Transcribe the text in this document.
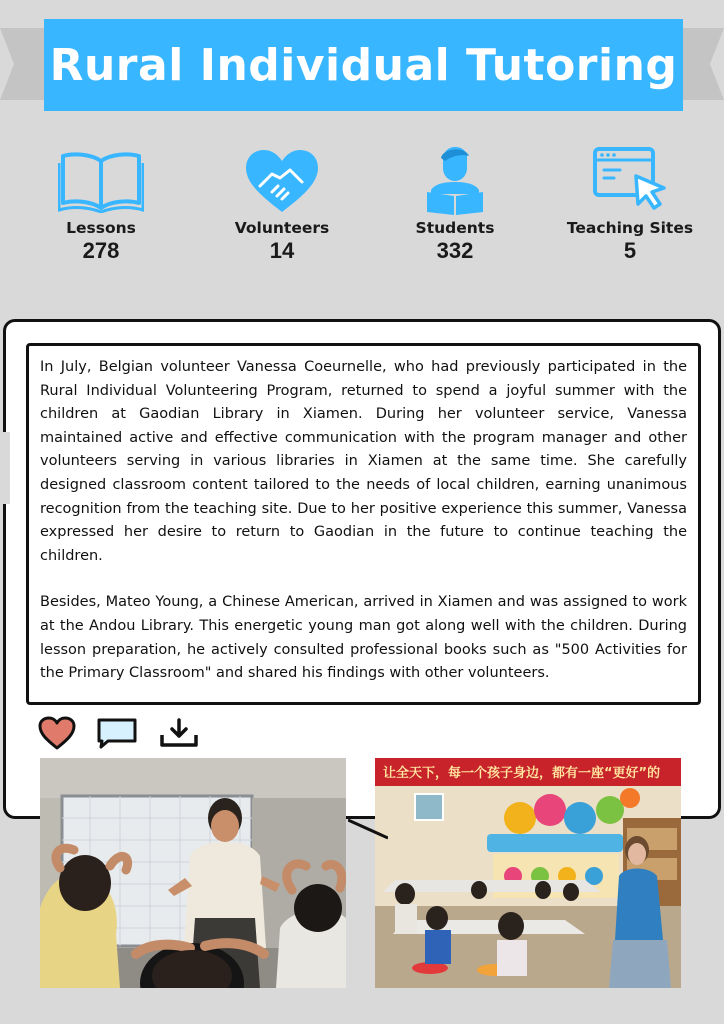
Rural Individual Tutoring
Lessons
278
Volunteers
14
Students
332
Teaching Sites
5

In July, Belgian volunteer Vanessa Coeurnelle, who had previously participated in the Rural Individual Volunteering Program, returned to spend a joyful summer with the children at Gaodian Library in Xiamen. During her volunteer service, Vanessa maintained active and effective communication with the program manager and other volunteers serving in various libraries in Xiamen at the same time. She carefully designed classroom content tailored to the needs of local children, earning unanimous recognition from the teaching site. Due to her positive experience this summer, Vanessa expressed her desire to return to Gaodian in the future to continue teaching the children.

Besides, Mateo Young, a Chinese American, arrived in Xiamen and was assigned to work at the Andou Library. This energetic young man got along well with the children. During lesson preparation, he actively consulted professional books such as "500 Activities for the Primary Classroom" and shared his findings with other volunteers.

让全天下，每一个孩子身边，都有一座“更好”的
